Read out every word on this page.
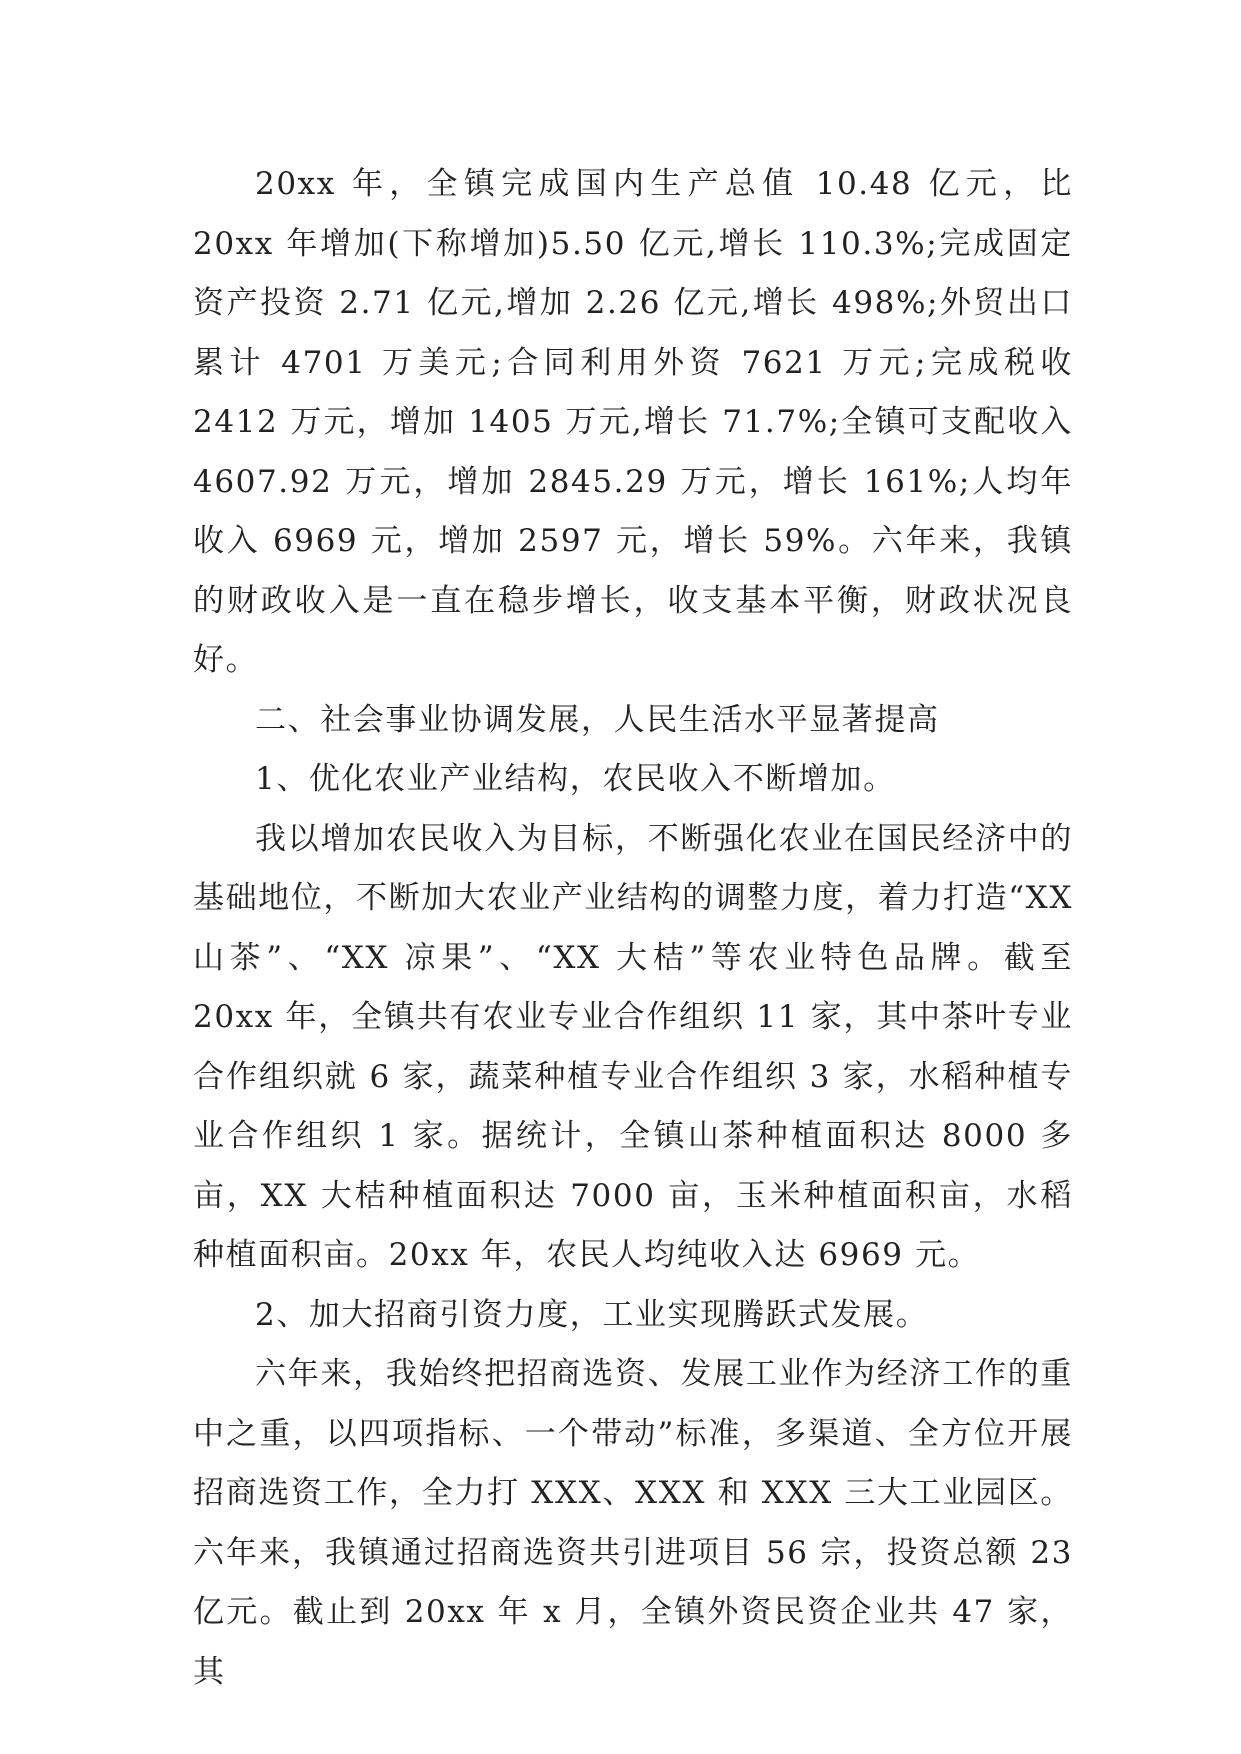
20xx 年，全镇完成国内生产总值 10.48 亿元，比 20xx 年增加(下称增加)5.50 亿元,增长 110.3%;完成固定资产投资 2.71 亿元,增加 2.26 亿元,增长 498%;外贸出口累计 4701 万美元;合同利用外资 7621 万元;完成税收 2412 万元，增加 1405 万元,增长 71.7%;全镇可支配收入 4607.92 万元，增加 2845.29 万元，增长 161%;人均年收入 6969 元，增加 2597 元，增长 59%。六年来，我镇的财政收入是一直在稳步增长，收支基本平衡，财政状况良好。

二、社会事业协调发展，人民生活水平显著提高

1、优化农业产业结构，农民收入不断增加。

我以增加农民收入为目标，不断强化农业在国民经济中的基础地位，不断加大农业产业结构的调整力度，着力打造“XX 山茶”、“XX 凉果”、“XX 大桔”等农业特色品牌。截至 20xx 年，全镇共有农业专业合作组织 11 家，其中茶叶专业合作组织就 6 家，蔬菜种植专业合作组织 3 家，水稻种植专业合作组织 1 家。据统计，全镇山茶种植面积达 8000 多亩，XX 大桔种植面积达 7000 亩，玉米种植面积亩，水稻种植面积亩。20xx 年，农民人均纯收入达 6969 元。

2、加大招商引资力度，工业实现腾跃式发展。

六年来，我始终把招商选资、发展工业作为经济工作的重中之重，以四项指标、一个带动”标准，多渠道、全方位开展招商选资工作，全力打 XXX、XXX 和 XXX 三大工业园区。六年来，我镇通过招商选资共引进项目 56 宗，投资总额 23 亿元。截止到 20xx 年 x 月，全镇外资民资企业共 47 家，其
